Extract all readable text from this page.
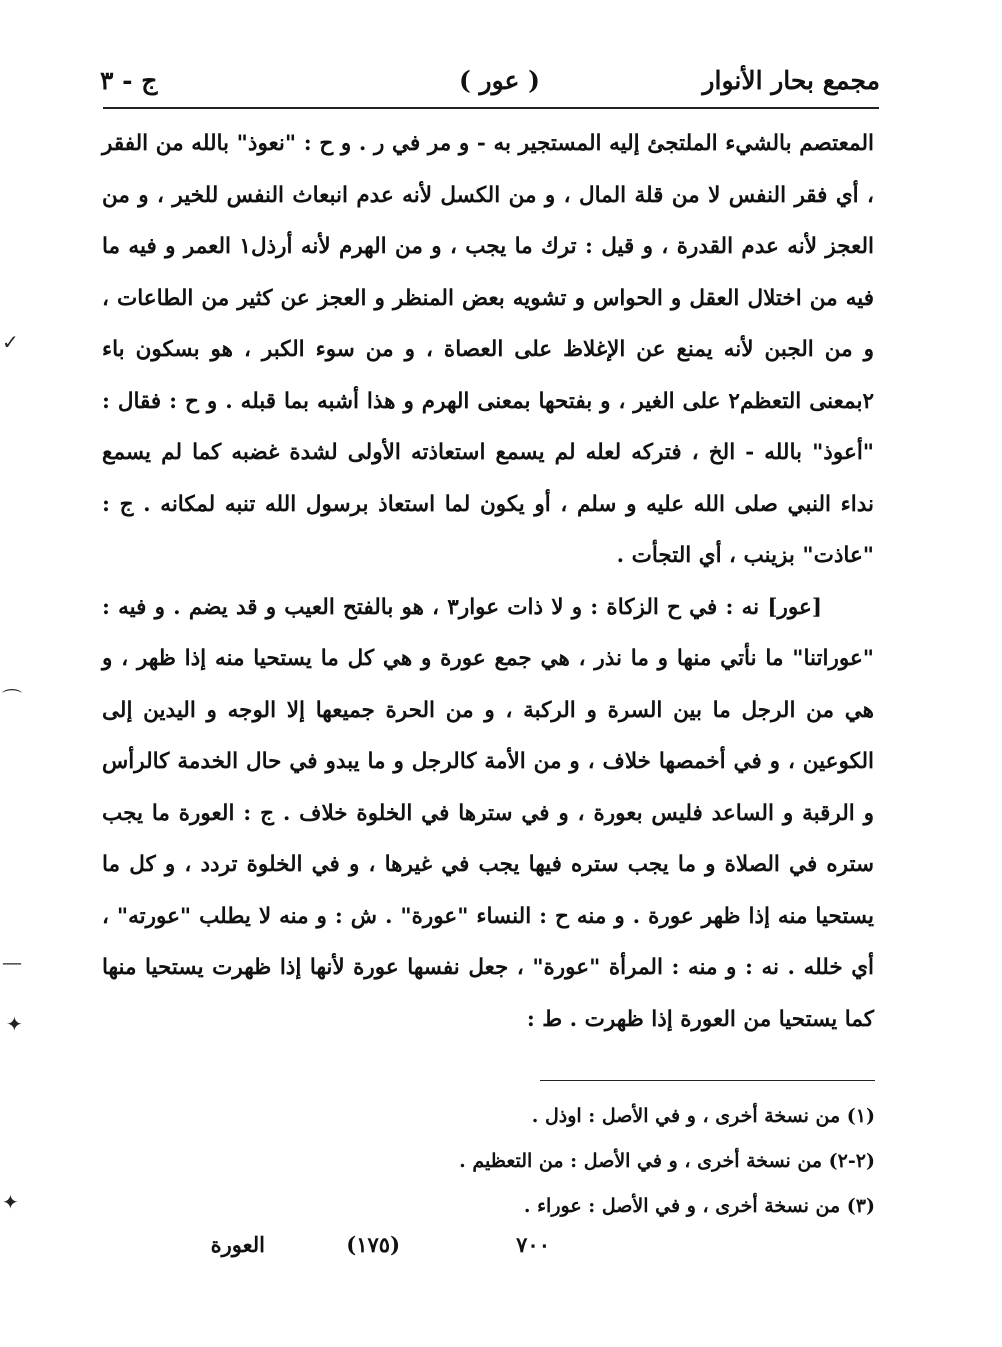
مجمع بحار الأنوار
( عور )
ج - ٣

المعتصم بالشيء الملتجئ إليه المستجير به - و مر في ر . و ح : "نعوذ" بالله من الفقر ، أي فقر النفس لا من قلة المال ، و من الكسل لأنه عدم انبعاث النفس للخير ، و من العجز لأنه عدم القدرة ، و قيل : ترك ما يجب ، و من الهرم لأنه أرذل١ العمر و فيه ما فيه من اختلال العقل و الحواس و تشويه بعض المنظر و العجز عن كثير من الطاعات ، و من الجبن لأنه يمنع عن الإغلاظ على العصاة ، و من سوء الكبر ، هو بسكون باء ٢بمعنى التعظم٢ على الغير ، و بفتحها بمعنى الهرم و هذا أشبه بما قبله . و ح : فقال : "أعوذ" بالله - الخ ، فتركه لعله لم يسمع استعاذته الأولى لشدة غضبه كما لم يسمع نداء النبي صلى الله عليه و سلم ، أو يكون لما استعاذ برسول الله تنبه لمكانه . ج : "عاذت" بزينب ، أي التجأت .

[عور] نه : في ح الزكاة : و لا ذات عوار٣ ، هو بالفتح العيب و قد يضم . و فيه : "عوراتنا" ما نأتي منها و ما نذر ، هي جمع عورة و هي كل ما يستحيا منه إذا ظهر ، و هي من الرجل ما بين السرة و الركبة ، و من الحرة جميعها إلا الوجه و اليدين إلى الكوعين ، و في أخمصها خلاف ، و من الأمة كالرجل و ما يبدو في حال الخدمة كالرأس و الرقبة و الساعد فليس بعورة ، و في سترها في الخلوة خلاف . ج : العورة ما يجب ستره في الصلاة و ما يجب ستره فيها يجب في غيرها ، و في الخلوة تردد ، و كل ما يستحيا منه إذا ظهر عورة . و منه ح : النساء "عورة" . ش : و منه لا يطلب "عورته" ، أي خلله . نه : و منه : المرأة "عورة" ، جعل نفسها عورة لأنها إذا ظهرت يستحيا منها كما يستحيا من العورة إذا ظهرت . ط :

(١) من نسخة أخرى ، و في الأصل : اوذل .
(٢-٢) من نسخة أخرى ، و في الأصل : من التعظيم .
(٣) من نسخة أخرى ، و في الأصل : عوراء .
٧٠٠
(١٧٥)
العورة
✓
⌒
—
✦
✦
